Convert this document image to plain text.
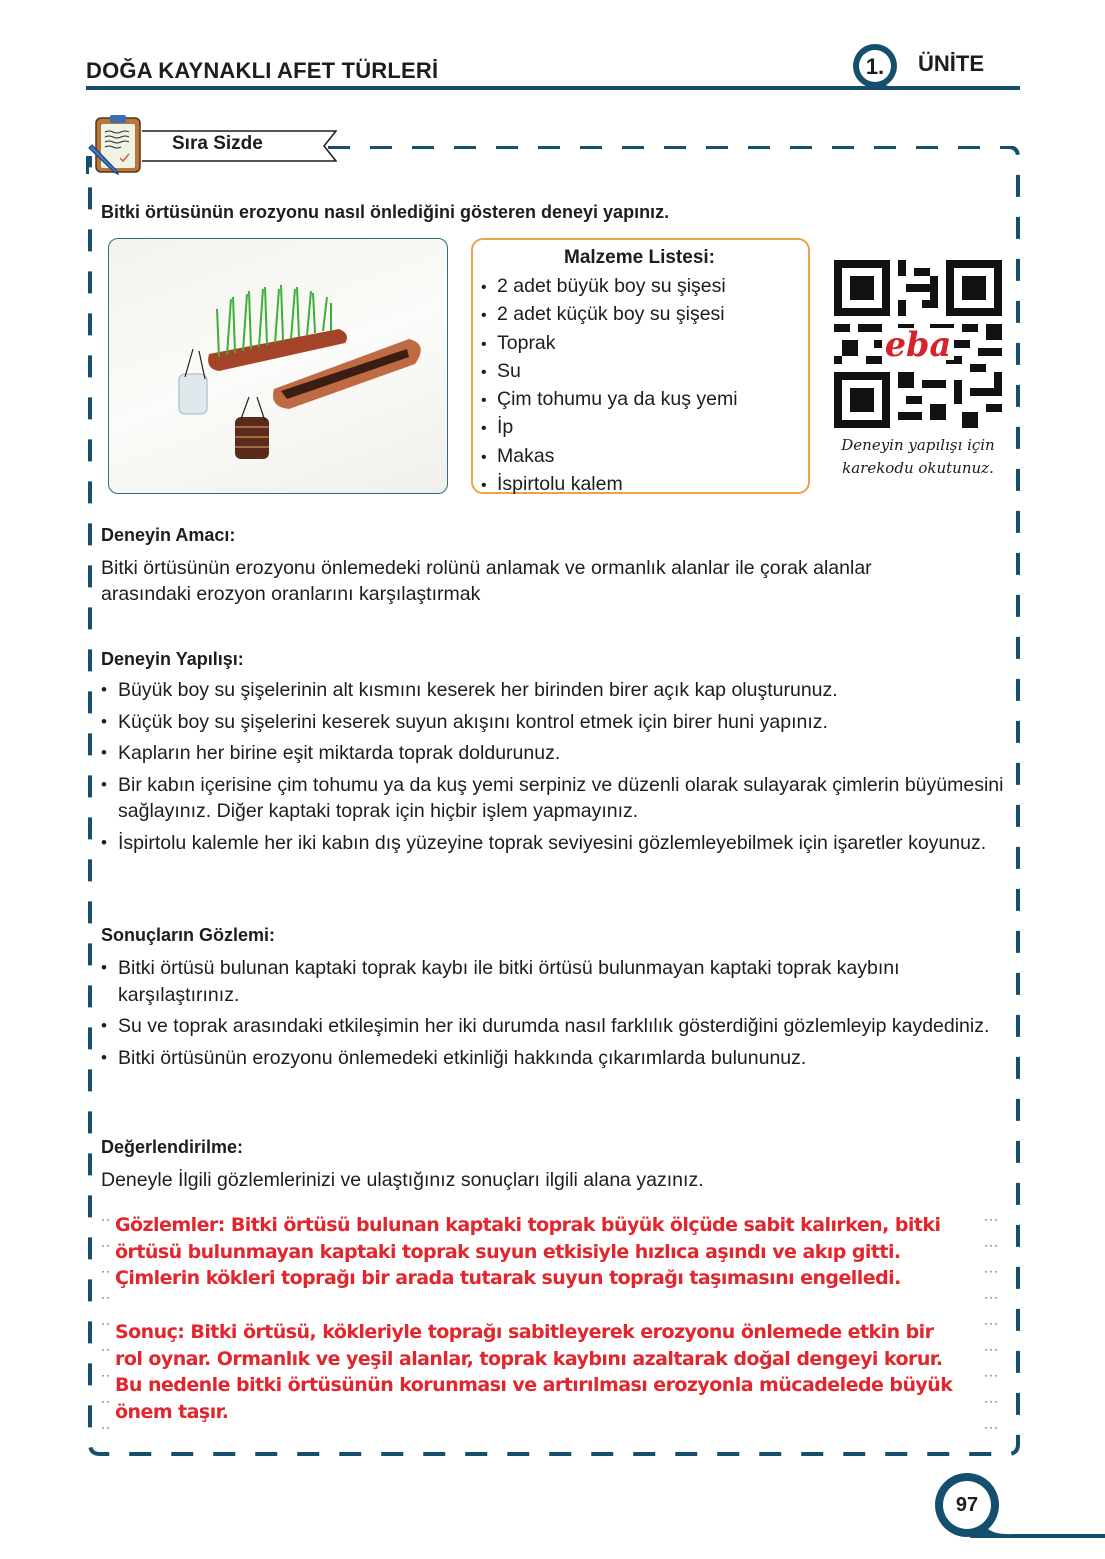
DOĞA KAYNAKLI AFET TÜRLERİ	1.	ÜNİTE
Sıra Sizde
Bitki örtüsünün erozyonu nasıl önlediğini gösteren deneyi yapınız.
Malzeme Listesi:
• 2 adet büyük boy su şişesi
• 2 adet küçük boy su şişesi
• Toprak
• Su
• Çim tohumu ya da kuş yemi
• İp
• Makas
• İspirtolu kalem
eba
Deneyin yapılışı için
karekodu okutunuz.
Deneyin Amacı:
Bitki örtüsünün erozyonu önlemedeki rolünü anlamak ve ormanlık alanlar ile çorak alanlar
arasındaki erozyon oranlarını karşılaştırmak
Deneyin Yapılışı:
• Büyük boy su şişelerinin alt kısmını keserek her birinden birer açık kap oluşturunuz.
• Küçük boy su şişelerini keserek suyun akışını kontrol etmek için birer huni yapınız.
• Kapların her birine eşit miktarda toprak doldurunuz.
• Bir kabın içerisine çim tohumu ya da kuş yemi serpiniz ve düzenli olarak sulayarak çimlerin büyümesini sağlayınız. Diğer kaptaki toprak için hiçbir işlem yapmayınız.
• İspirtolu kalemle her iki kabın dış yüzeyine toprak seviyesini gözlemleyebilmek için işaretler koyunuz.
Sonuçların Gözlemi:
• Bitki örtüsü bulunan kaptaki toprak kaybı ile bitki örtüsü bulunmayan kaptaki toprak kaybını karşılaştırınız.
• Su ve toprak arasındaki etkileşimin her iki durumda nasıl farklılık gösterdiğini gözlemleyip kaydediniz.
• Bitki örtüsünün erozyonu önlemedeki etkinliği hakkında çıkarımlarda bulununuz.
Değerlendirilme:
Deneyle İlgili gözlemlerinizi ve ulaştığınız sonuçları ilgili alana yazınız.
··
··
··
··
··
··
··
··
··
···
···
···
···
···
···
···
···
···
Gözlemler: Bitki örtüsü bulunan kaptaki toprak büyük ölçüde sabit kalırken, bitki örtüsü bulunmayan kaptaki toprak suyun etkisiyle hızlıca aşındı ve akıp gitti. Çimlerin kökleri toprağı bir arada tutarak suyun toprağı taşımasını engelledi.
Sonuç: Bitki örtüsü, kökleriyle toprağı sabitleyerek erozyonu önlemede etkin bir rol oynar. Ormanlık ve yeşil alanlar, toprak kaybını azaltarak doğal dengeyi korur. Bu nedenle bitki örtüsünün korunması ve artırılması erozyonla mücadelede büyük önem taşır.
97
